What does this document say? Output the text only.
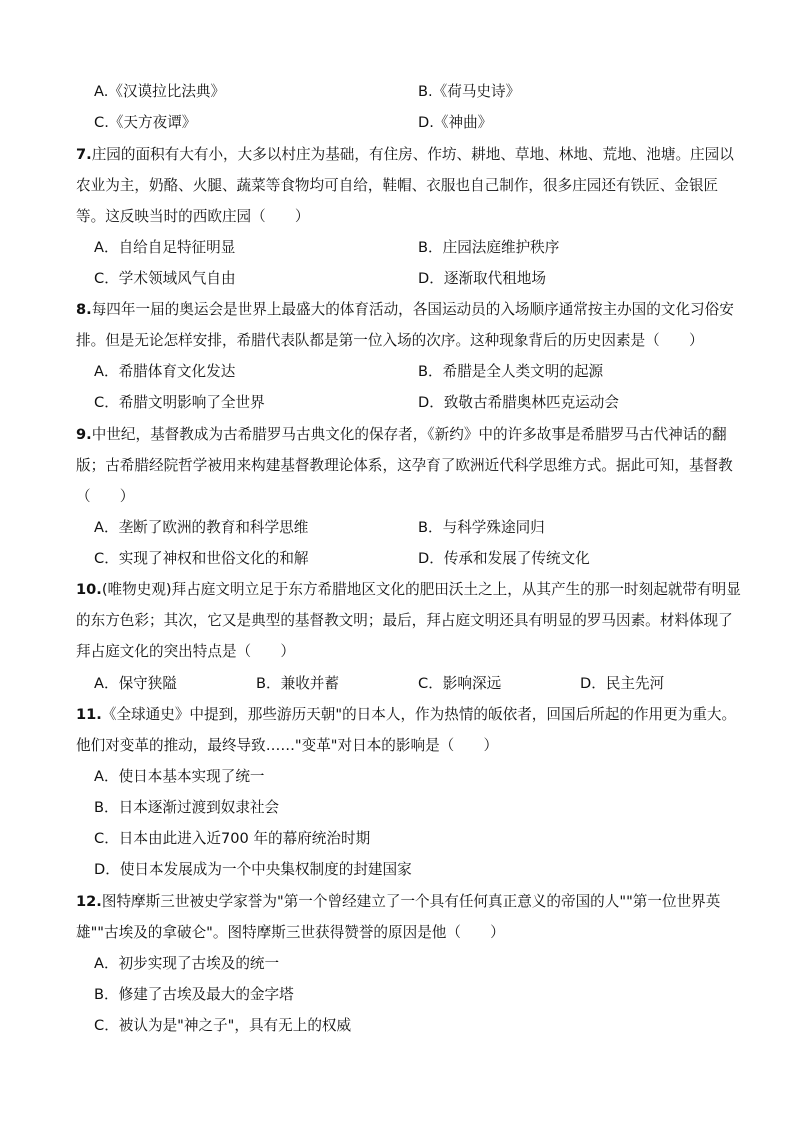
A.《汉谟拉比法典》	B.《荷马史诗》
C.《天方夜谭》	D.《神曲》
7.庄园的面积有大有小，大多以村庄为基础，有住房、作坊、耕地、草地、林地、荒地、池塘。庄园以
农业为主，奶酪、火腿、蔬菜等食物均可自给，鞋帽、衣服也自己制作，很多庄园还有铁匠、金银匠
等。这反映当时的西欧庄园（　　）
A．自给自足特征明显	B．庄园法庭维护秩序
C．学术领域风气自由	D．逐渐取代租地场
8.每四年一届的奥运会是世界上最盛大的体育活动，各国运动员的入场顺序通常按主办国的文化习俗安
排。但是无论怎样安排，希腊代表队都是第一位入场的次序。这种现象背后的历史因素是（　　）
A．希腊体育文化发达	B．希腊是全人类文明的起源
C．希腊文明影响了全世界	D．致敬古希腊奥林匹克运动会
9.中世纪，基督教成为古希腊罗马古典文化的保存者，《新约》中的许多故事是希腊罗马古代神话的翻
版；古希腊经院哲学被用来构建基督教理论体系，这孕育了欧洲近代科学思维方式。据此可知，基督教
（　　）
A．垄断了欧洲的教育和科学思维	B．与科学殊途同归
C．实现了神权和世俗文化的和解	D．传承和发展了传统文化
10.(唯物史观)拜占庭文明立足于东方希腊地区文化的肥田沃土之上，从其产生的那一时刻起就带有明显
的东方色彩；其次，它又是典型的基督教文明；最后，拜占庭文明还具有明显的罗马因素。材料体现了
拜占庭文化的突出特点是（　　）
A．保守狭隘	B．兼收并蓄	C．影响深远	D．民主先河
11.《全球通史》中提到，那些游历天朝"的日本人，作为热情的皈依者，回国后所起的作用更为重大。
他们对变革的推动，最终导致……"变革"对日本的影响是（　　）
A．使日本基本实现了统一
B．日本逐渐过渡到奴隶社会
C．日本由此进入近700 年的幕府统治时期
D．使日本发展成为一个中央集权制度的封建国家
12.图特摩斯三世被史学家誉为"第一个曾经建立了一个具有任何真正意义的帝国的人""第一位世界英
雄""古埃及的拿破仑"。图特摩斯三世获得赞誉的原因是他（　　）
A．初步实现了古埃及的统一
B．修建了古埃及最大的金字塔
C．被认为是"神之子"，具有无上的权威
